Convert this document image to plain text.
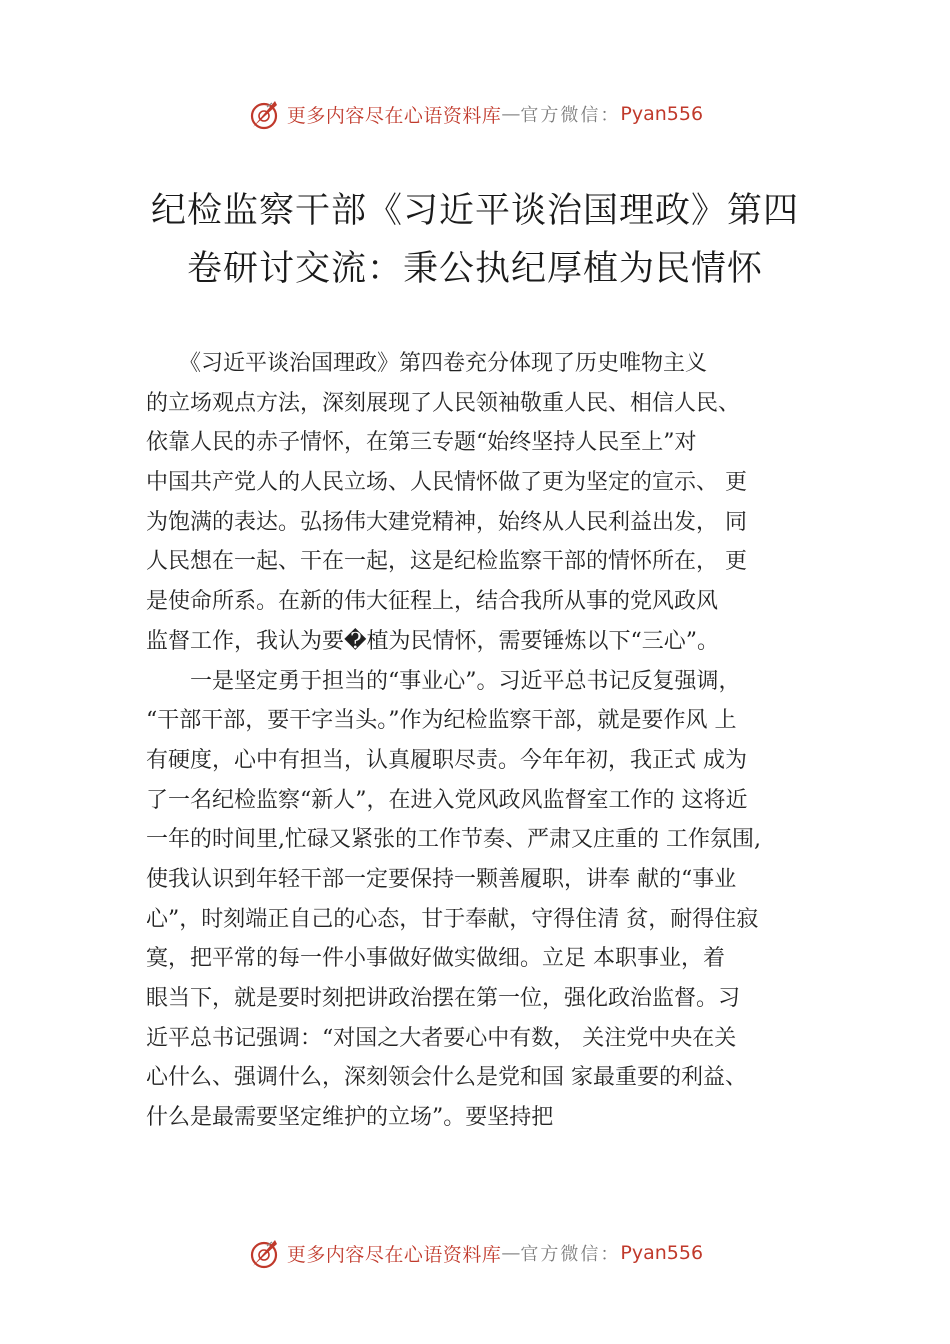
更多内容尽在心语资料库 — 官方微信： Pyan556
纪检监察干部《习近平谈治国理政》第四
卷研讨交流：秉公执纪厚植为民情怀
　　《习近平谈治国理政》第四卷充分体现了历史唯物主义
的立场观点方法，深刻展现了人民领袖敬重人民、相信人民、
依靠人民的赤子情怀，在第三专题“始终坚持人民至上”对
中国共产党人的人民立场、人民情怀做了更为坚定的宣示、 更
为饱满的表达。弘扬伟大建党精神，始终从人民利益出发， 同
人民想在一起、干在一起，这是纪检监察干部的情怀所在， 更
是使命所系。在新的伟大征程上，结合我所从事的党风政风
监督工作，我认为要�植为民情怀，需要锤炼以下“三心”。
　　一是坚定勇于担当的“事业心”。习近平总书记反复强调，
“干部干部，要干字当头。”作为纪检监察干部，就是要作风 上
有硬度，心中有担当，认真履职尽责。今年年初，我正式 成为
了一名纪检监察“新人”，在进入党风政风监督室工作的 这将近
一年的时间里,忙碌又紧张的工作节奏、严肃又庄重的 工作氛围,
使我认识到年轻干部一定要保持一颗善履职，讲奉 献的“事业
心”，时刻端正自己的心态，甘于奉献，守得住清 贫，耐得住寂
寞，把平常的每一件小事做好做实做细。立足 本职事业，着
眼当下，就是要时刻把讲政治摆在第一位，强化政治监督。习
近平总书记强调：“对国之大者要心中有数， 关注党中央在关
心什么、强调什么，深刻领会什么是党和国 家最重要的利益、
什么是最需要坚定维护的立场”。要坚持把
更多内容尽在心语资料库 — 官方微信： Pyan556
